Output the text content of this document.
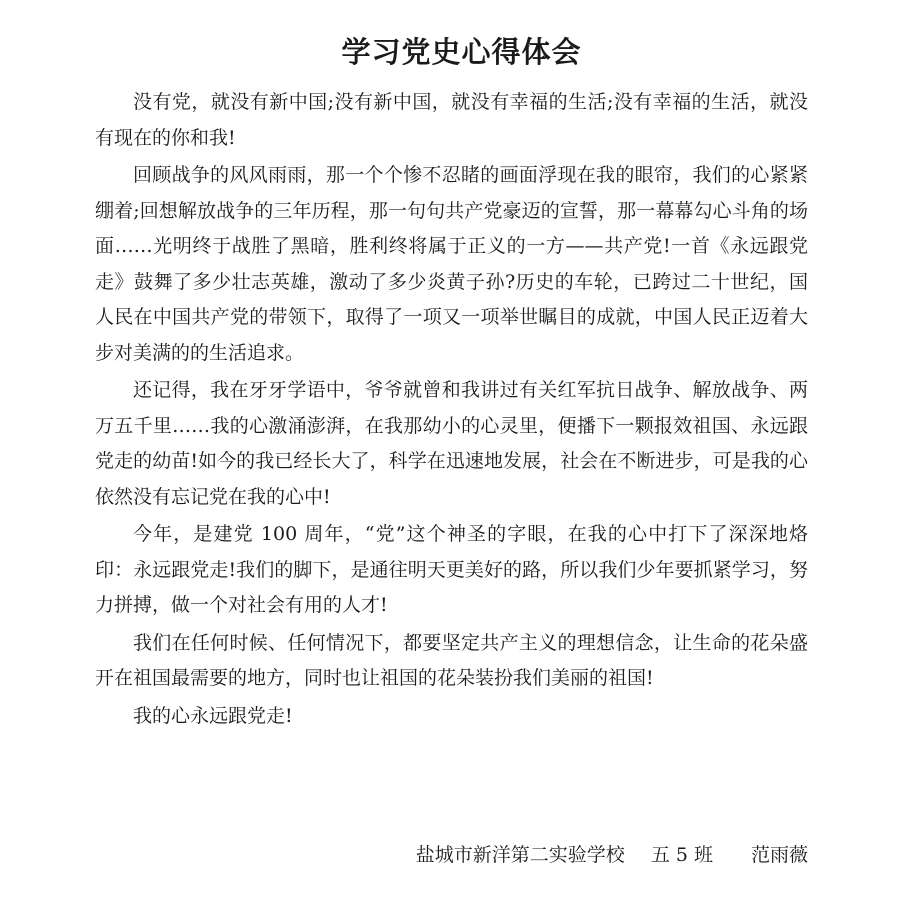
学习党史心得体会

没有党，就没有新中国;没有新中国，就没有幸福的生活;没有幸福的生活，就没有现在的你和我!

回顾战争的风风雨雨，那一个个惨不忍睹的画面浮现在我的眼帘，我们的心紧紧绷着;回想解放战争的三年历程，那一句句共产党豪迈的宣誓，那一幕幕勾心斗角的场面……光明终于战胜了黑暗，胜利终将属于正义的一方——共产党!一首《永远跟党走》鼓舞了多少壮志英雄，激动了多少炎黄子孙?历史的车轮，已跨过二十世纪，国人民在中国共产党的带领下，取得了一项又一项举世瞩目的成就，中国人民正迈着大步对美满的的生活追求。

还记得，我在牙牙学语中，爷爷就曾和我讲过有关红军抗日战争、解放战争、两万五千里……我的心激涌澎湃，在我那幼小的心灵里，便播下一颗报效祖国、永远跟党走的幼苗!如今的我已经长大了，科学在迅速地发展，社会在不断进步，可是我的心依然没有忘记党在我的心中!

今年，是建党 100 周年，“党”这个神圣的字眼，在我的心中打下了深深地烙印：永远跟党走!我们的脚下，是通往明天更美好的路，所以我们少年要抓紧学习，努力拼搏，做一个对社会有用的人才!

我们在任何时候、任何情况下，都要坚定共产主义的理想信念，让生命的花朵盛开在祖国最需要的地方，同时也让祖国的花朵装扮我们美丽的祖国!

我的心永远跟党走!

盐城市新洋第二实验学校 五 5 班 范雨薇
